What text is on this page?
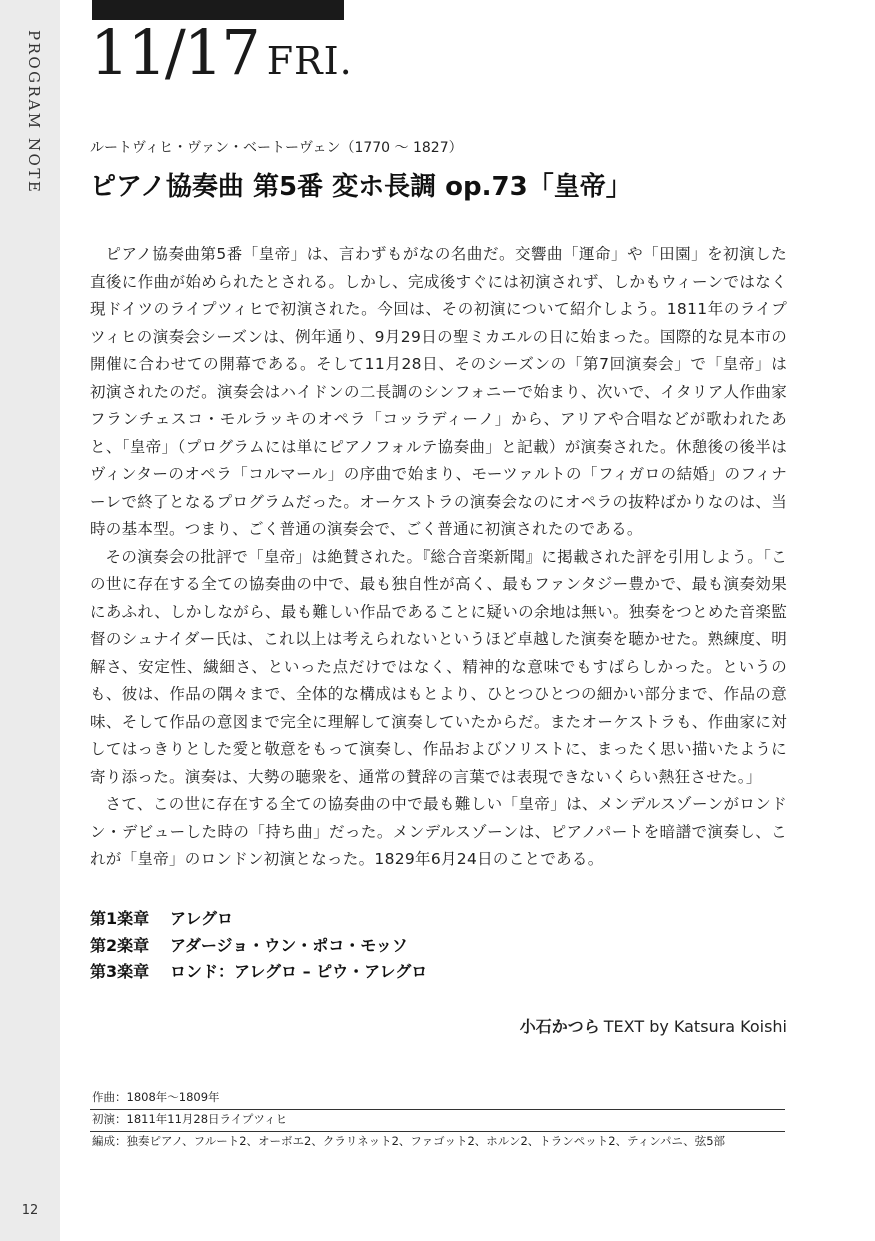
PROGRAM NOTE
12
11/17 FRI.
ルートヴィヒ・ヴァン・ベートーヴェン（1770 ～ 1827）
ピアノ協奏曲 第5番 変ホ長調 op.73「皇帝」

ピアノ協奏曲第5番「皇帝」は、言わずもがなの名曲だ。交響曲「運命」や「田園」を初演した直後に作曲が始められたとされる。しかし、完成後すぐには初演されず、しかもウィーンではなく現ドイツのライプツィヒで初演された。今回は、その初演について紹介しよう。1811年のライプツィヒの演奏会シーズンは、例年通り、9月29日の聖ミカエルの日に始まった。国際的な見本市の開催に合わせての開幕である。そして11月28日、そのシーズンの「第7回演奏会」で「皇帝」は初演されたのだ。演奏会はハイドンの二長調のシンフォニーで始まり、次いで、イタリア人作曲家フランチェスコ・モルラッキのオペラ「コッラディーノ」から、アリアや合唱などが歌われたあと、「皇帝」（プログラムには単にピアノフォルテ協奏曲」と記載）が演奏された。休憩後の後半はヴィンターのオペラ「コルマール」の序曲で始まり、モーツァルトの「フィガロの結婚」のフィナーレで終了となるプログラムだった。オーケストラの演奏会なのにオペラの抜粋ばかりなのは、当時の基本型。つまり、ごく普通の演奏会で、ごく普通に初演されたのである。

その演奏会の批評で「皇帝」は絶賛された。『総合音楽新聞』に掲載された評を引用しよう。「この世に存在する全ての協奏曲の中で、最も独自性が高く、最もファンタジー豊かで、最も演奏効果にあふれ、しかしながら、最も難しい作品であることに疑いの余地は無い。独奏をつとめた音楽監督のシュナイダー氏は、これ以上は考えられないというほど卓越した演奏を聴かせた。熟練度、明解さ、安定性、繊細さ、といった点だけではなく、精神的な意味でもすばらしかった。というのも、彼は、作品の隅々まで、全体的な構成はもとより、ひとつひとつの細かい部分まで、作品の意味、そして作品の意図まで完全に理解して演奏していたからだ。またオーケストラも、作曲家に対してはっきりとした愛と敬意をもって演奏し、作品およびソリストに、まったく思い描いたように寄り添った。演奏は、大勢の聴衆を、通常の賛辞の言葉では表現できないくらい熱狂させた。」

さて、この世に存在する全ての協奏曲の中で最も難しい「皇帝」は、メンデルスゾーンがロンドン・デビューした時の「持ち曲」だった。メンデルスゾーンは、ピアノパートを暗譜で演奏し、これが「皇帝」のロンドン初演となった。1829年6月24日のことである。

第1楽章 アレグロ
第2楽章 アダージョ・ウン・ポコ・モッソ
第3楽章 ロンド：アレグロ – ピウ・アレグロ
小石かつら TEXT by Katsura Koishi
作曲：1808年～1809年
初演：1811年11月28日ライプツィヒ
編成：独奏ピアノ、フルート2、オーボエ2、クラリネット2、ファゴット2、ホルン2、トランペット2、ティンパニ、弦5部
